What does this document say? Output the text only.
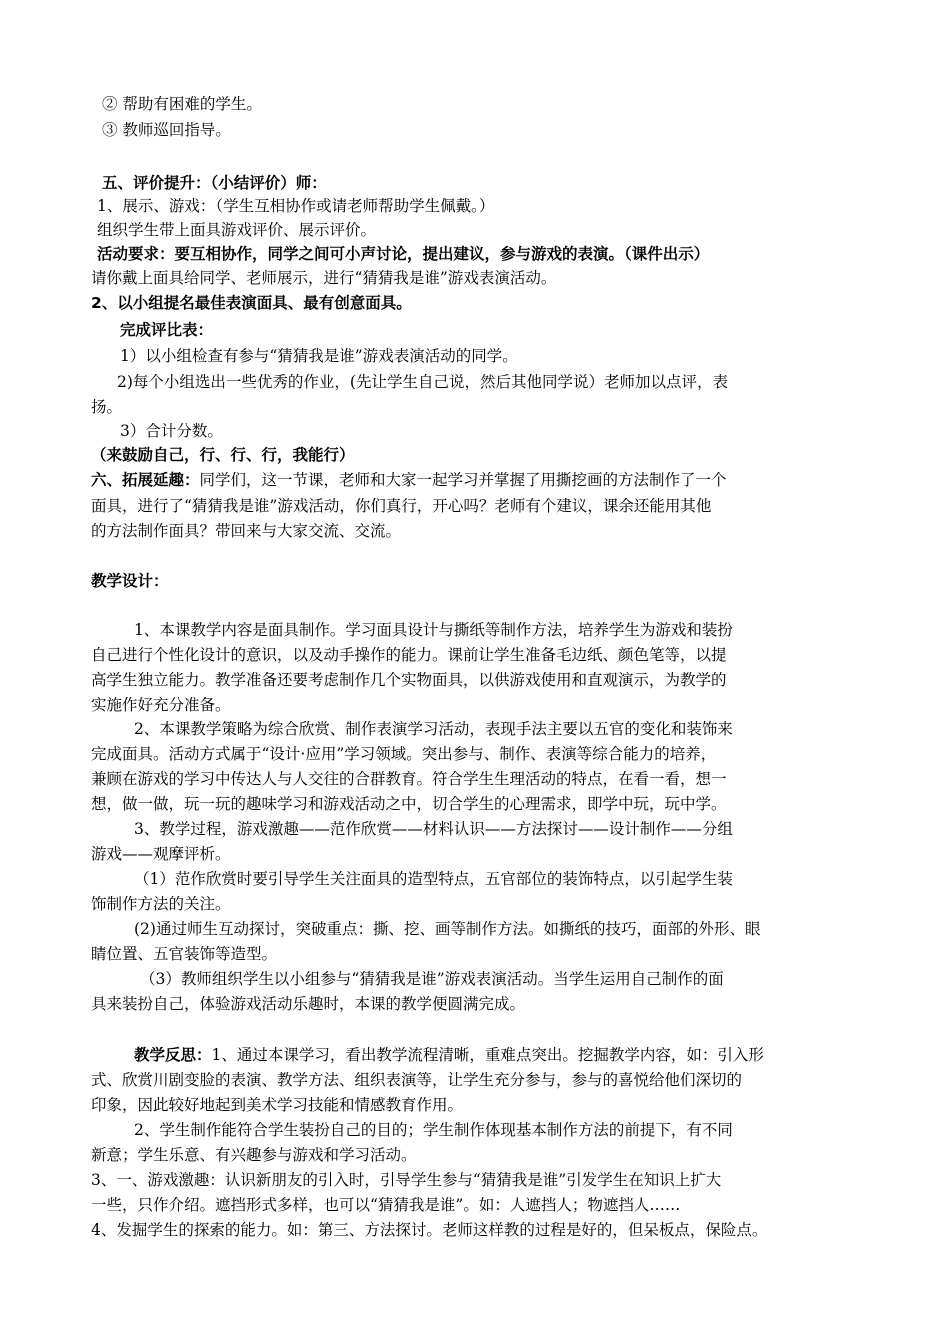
② 帮助有困难的学生。
③ 教师巡回指导。
五、评价提升：（小结评价）师：
1、展示、游戏：（学生互相协作或请老师帮助学生佩戴。）
组织学生带上面具游戏评价、展示评价。
活动要求：要互相协作，同学之间可小声讨论，提出建议，参与游戏的表演。（课件出示）
请你戴上面具给同学、老师展示，进行“猜猜我是谁”游戏表演活动。
2、以小组提名最佳表演面具、最有创意面具。
完成评比表：
1）以小组检查有参与“猜猜我是谁”游戏表演活动的同学。
2)每个小组选出一些优秀的作业，(先让学生自己说，然后其他同学说）老师加以点评，表
扬。
3）合计分数。
（来鼓励自己，行、行、行，我能行）
六、拓展延趣：同学们，这一节课，老师和大家一起学习并掌握了用撕挖画的方法制作了一个
面具，进行了“猜猜我是谁”游戏活动，你们真行，开心吗？老师有个建议，课余还能用其他
的方法制作面具？带回来与大家交流、交流。
教学设计：
1、本课教学内容是面具制作。学习面具设计与撕纸等制作方法，培养学生为游戏和装扮
自己进行个性化设计的意识，以及动手操作的能力。课前让学生准备毛边纸、颜色笔等，以提
高学生独立能力。教学准备还要考虑制作几个实物面具，以供游戏使用和直观演示，为教学的
实施作好充分准备。
2、本课教学策略为综合欣赏、制作表演学习活动，表现手法主要以五官的变化和装饰来
完成面具。活动方式属于“设计·应用”学习领域。突出参与、制作、表演等综合能力的培养，
兼顾在游戏的学习中传达人与人交往的合群教育。符合学生生理活动的特点，在看一看，想一
想，做一做，玩一玩的趣味学习和游戏活动之中，切合学生的心理需求，即学中玩，玩中学。
3、教学过程，游戏激趣——范作欣赏——材料认识——方法探讨——设计制作——分组
游戏——观摩评析。
（1）范作欣赏时要引导学生关注面具的造型特点，五官部位的装饰特点，以引起学生装
饰制作方法的关注。
(2)通过师生互动探讨，突破重点：撕、挖、画等制作方法。如撕纸的技巧，面部的外形、眼
睛位置、五官装饰等造型。
（3）教师组织学生以小组参与“猜猜我是谁”游戏表演活动。当学生运用自己制作的面
具来装扮自己，体验游戏活动乐趣时，本课的教学便圆满完成。
教学反思：1、通过本课学习，看出教学流程清晰，重难点突出。挖掘教学内容，如：引入形
式、欣赏川剧变脸的表演、教学方法、组织表演等，让学生充分参与，参与的喜悦给他们深切的
印象，因此较好地起到美术学习技能和情感教育作用。
2、学生制作能符合学生装扮自己的目的；学生制作体现基本制作方法的前提下，有不同
新意；学生乐意、有兴趣参与游戏和学习活动。
3、一、游戏激趣：认识新朋友的引入时，引导学生参与“猜猜我是谁”引发学生在知识上扩大
一些，只作介绍。遮挡形式多样，也可以“猜猜我是谁”。如：人遮挡人；物遮挡人……
4、发掘学生的探索的能力。如：第三、方法探讨。老师这样教的过程是好的，但呆板点，保险点。
